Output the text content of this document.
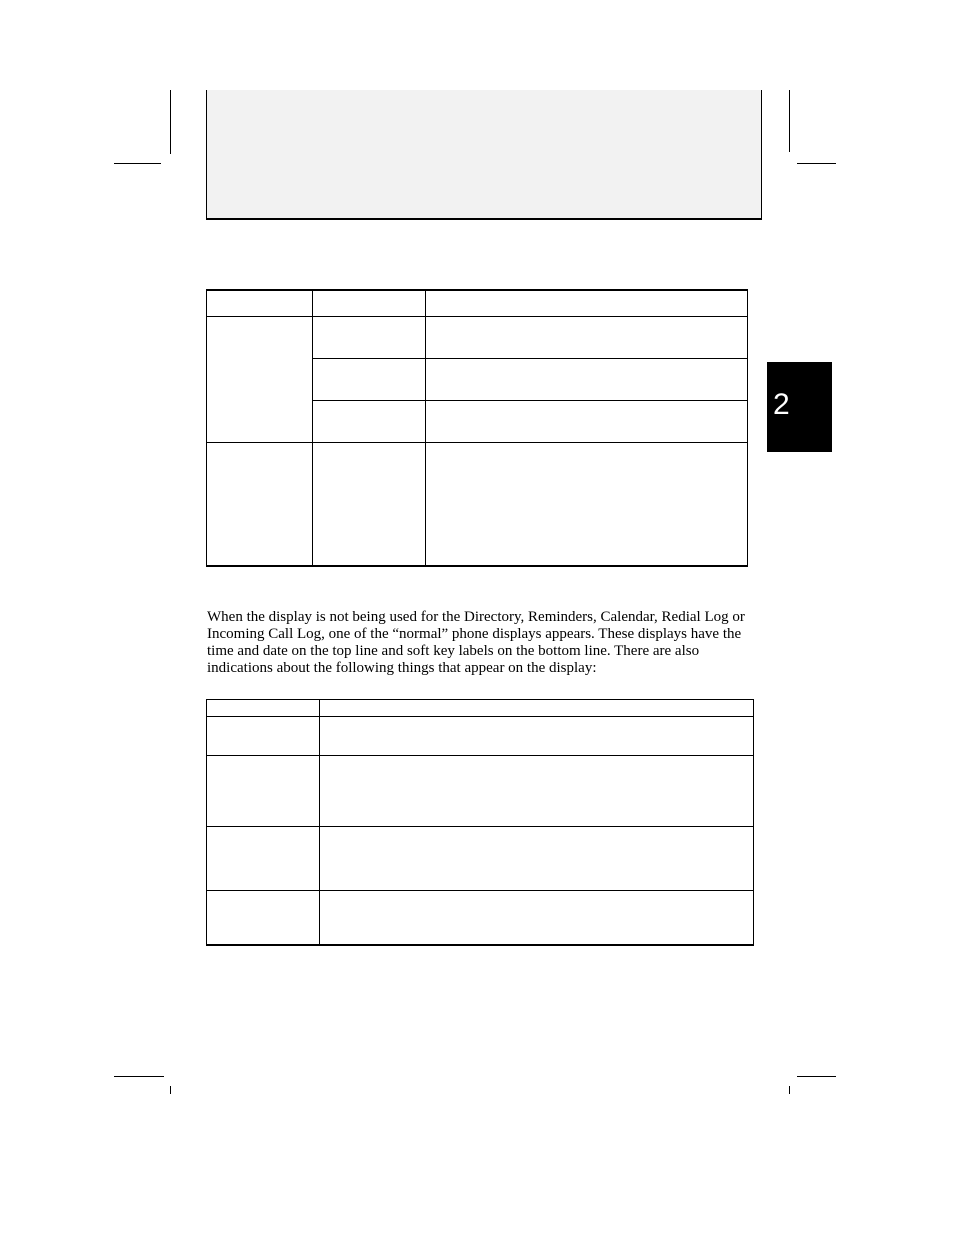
2

When the display is not being used for the Directory, Reminders, Calendar, Redial Log or Incoming Call Log, one of the “normal” phone displays appears. These displays have the time and date on the top line and soft key labels on the bottom line. There are also indications about the following things that appear on the display:
